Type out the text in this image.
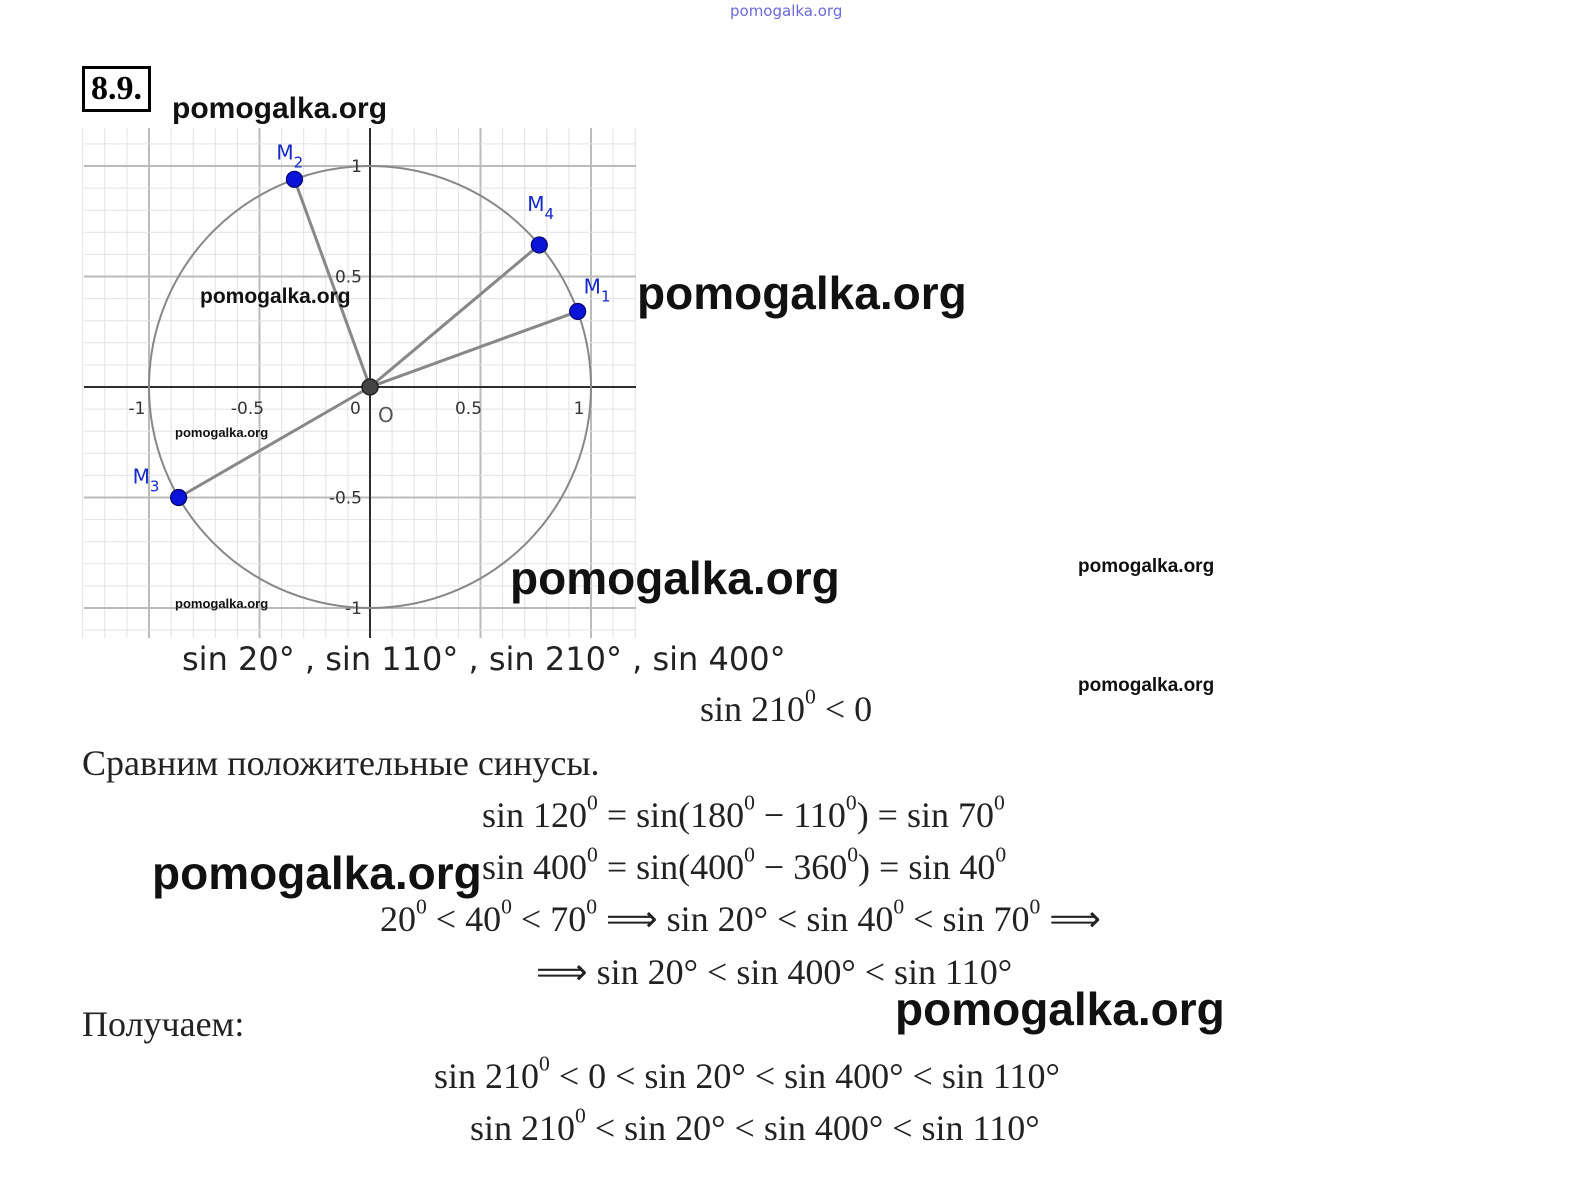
pomogalka.org
8.9.
-1	-0.5	0	0.5	1
1
0.5
-0.5
-1
O
$M_1$
$M_2$
$M_3$
$M_4$
pomogalka.org
pomogalka.org	pomogalka.org
pomogalka.org
pomogalka.org	pomogalka.org	pomogalka.org
pomogalka.org
pomogalka.org
pomogalka.org
sin 20° , sin 110° , sin 210° , sin 400°
$\sin 210^0 < 0$
Сравним положительные синусы.
$\sin 120^0 = \sin(180^0 - 110^0) = \sin 70^0$
$\sin 400^0 = \sin(400^0 - 360^0) = \sin 40^0$
$20^0 < 40^0 < 70^0$ ⟹ $\sin 20^\circ < \sin 40^0 < \sin 70^0$ ⟹
⟹ sin 20° < sin 400° < sin 110°
Получаем:
$\sin 210^0 < 0 < \sin 20^\circ < \sin 400^\circ < \sin 110^\circ$
$\sin 210^0 < \sin 20^\circ < \sin 400^\circ < \sin 110^\circ$
